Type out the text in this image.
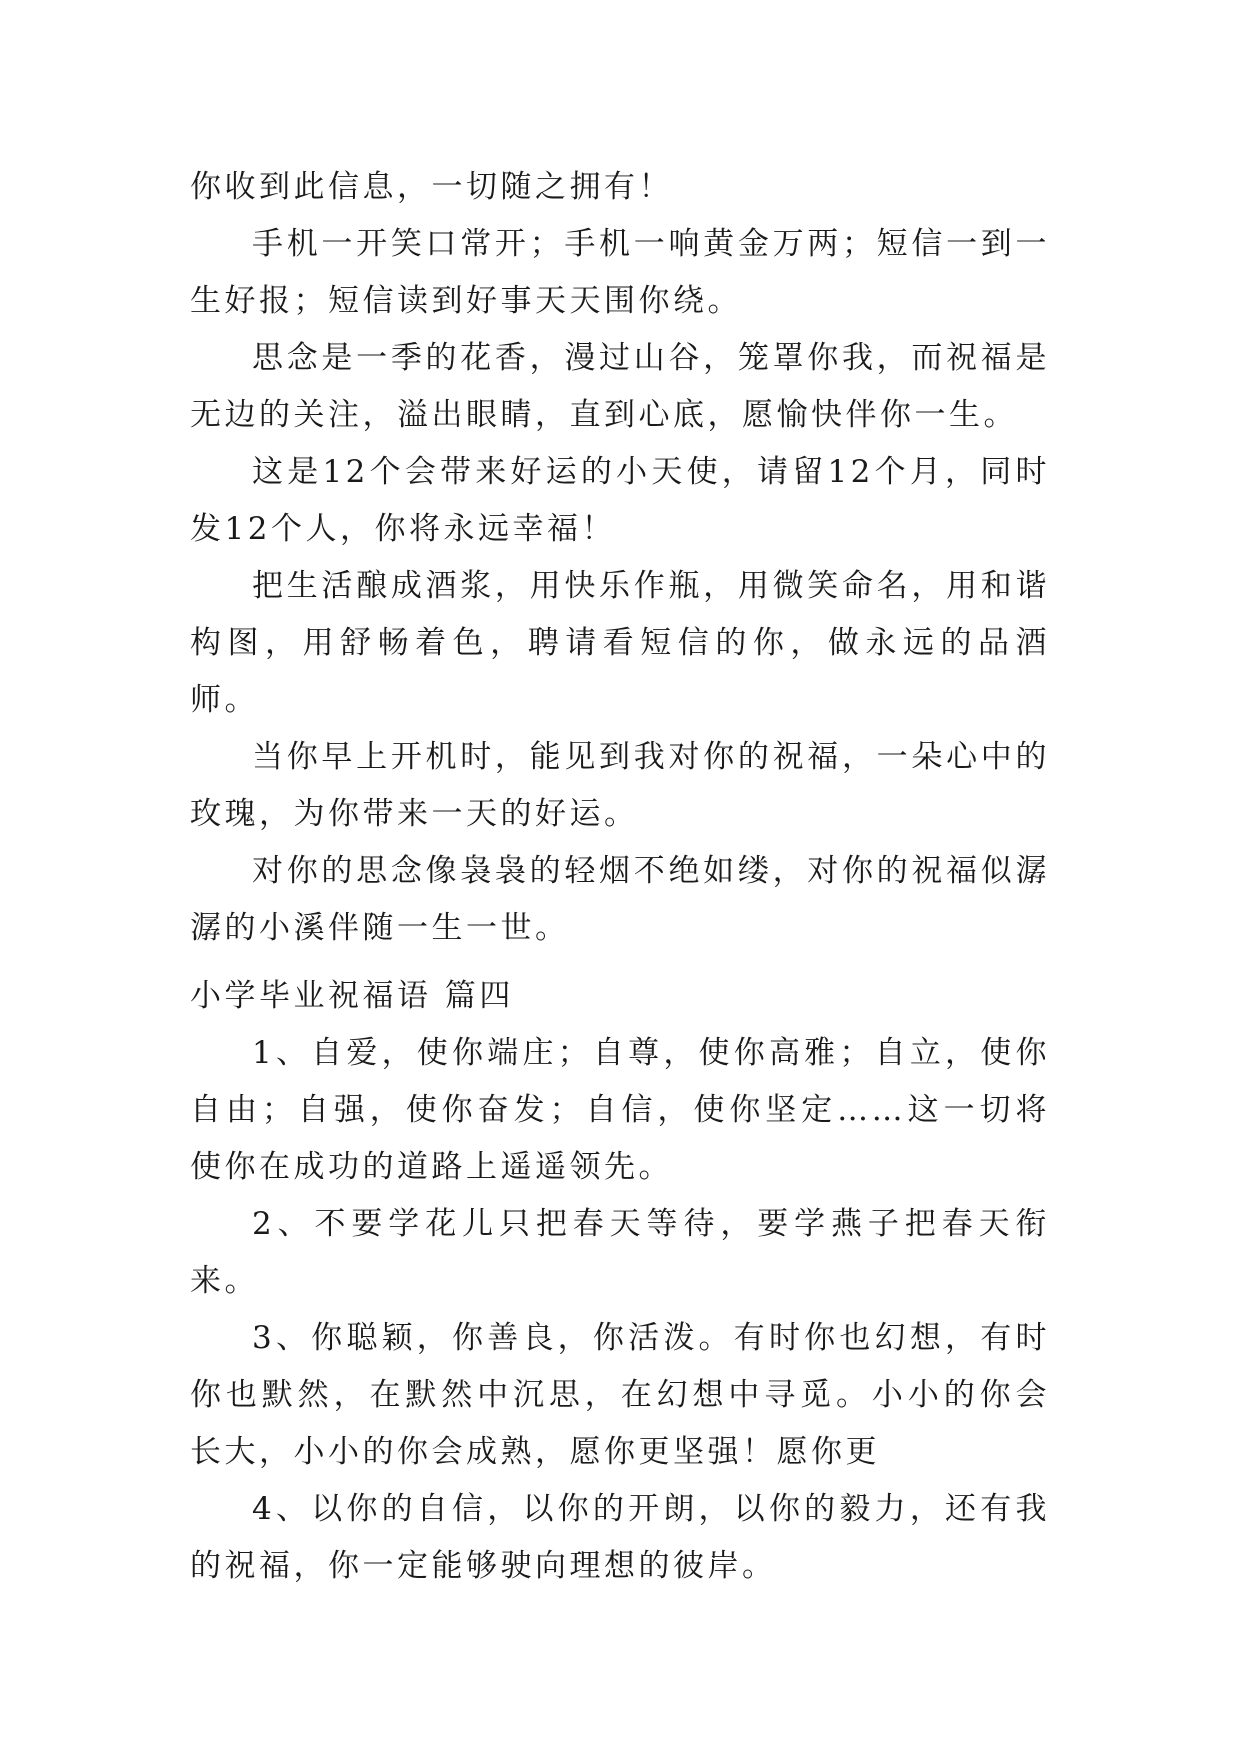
你收到此信息，一切随之拥有！

手机一开笑口常开；手机一响黄金万两；短信一到一生好报；短信读到好事天天围你绕。

思念是一季的花香，漫过山谷，笼罩你我，而祝福是无边的关注，溢出眼睛，直到心底，愿愉快伴你一生。

这是12个会带来好运的小天使，请留12个月，同时发12个人，你将永远幸福！

把生活酿成酒浆，用快乐作瓶，用微笑命名，用和谐构图，用舒畅着色，聘请看短信的你，做永远的品酒师。

当你早上开机时，能见到我对你的祝福，一朵心中的玫瑰，为你带来一天的好运。

对你的思念像袅袅的轻烟不绝如缕，对你的祝福似潺潺的小溪伴随一生一世。

小学毕业祝福语 篇四

1、自爱，使你端庄；自尊，使你高雅；自立，使你自由；自强，使你奋发；自信，使你坚定……这一切将使你在成功的道路上遥遥领先。

2、不要学花儿只把春天等待，要学燕子把春天衔来。

3、你聪颖，你善良，你活泼。有时你也幻想，有时你也默然，在默然中沉思，在幻想中寻觅。小小的你会长大，小小的你会成熟，愿你更坚强！愿你更

4、以你的自信，以你的开朗，以你的毅力，还有我的祝福，你一定能够驶向理想的彼岸。
